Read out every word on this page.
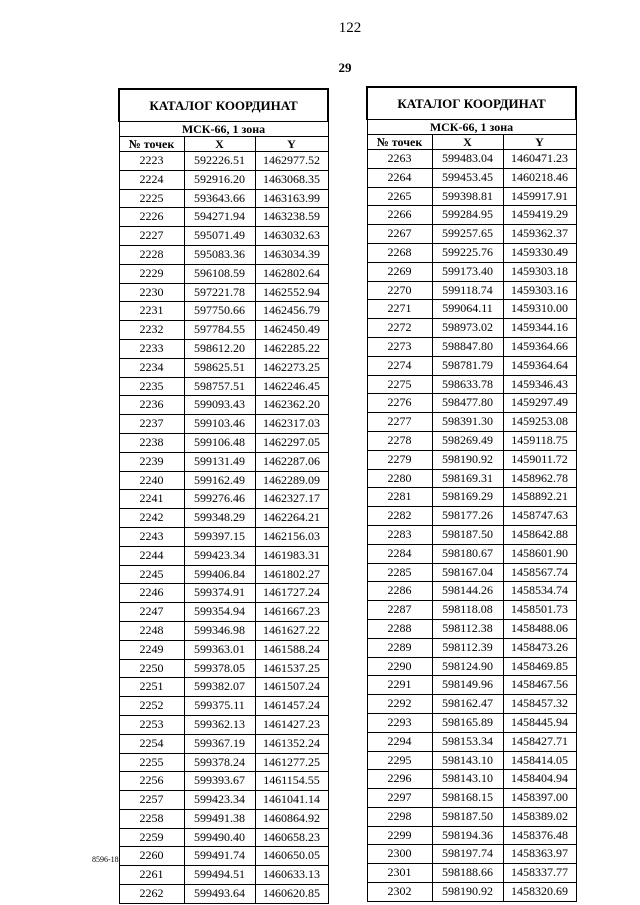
122
29
КАТАЛОГ КООРДИНАТ		
МСК-66, 1 зона		
№ точек	X	Y
2223	592226.51	1462977.52
2224	592916.20	1463068.35
2225	593643.66	1463163.99
2226	594271.94	1463238.59
2227	595071.49	1463032.63
2228	595083.36	1463034.39
2229	596108.59	1462802.64
2230	597221.78	1462552.94
2231	597750.66	1462456.79
2232	597784.55	1462450.49
2233	598612.20	1462285.22
2234	598625.51	1462273.25
2235	598757.51	1462246.45
2236	599093.43	1462362.20
2237	599103.46	1462317.03
2238	599106.48	1462297.05
2239	599131.49	1462287.06
2240	599162.49	1462289.09
2241	599276.46	1462327.17
2242	599348.29	1462264.21
2243	599397.15	1462156.03
2244	599423.34	1461983.31
2245	599406.84	1461802.27
2246	599374.91	1461727.24
2247	599354.94	1461667.23
2248	599346.98	1461627.22
2249	599363.01	1461588.24
2250	599378.05	1461537.25
2251	599382.07	1461507.24
2252	599375.11	1461457.24
2253	599362.13	1461427.23
2254	599367.19	1461352.24
2255	599378.24	1461277.25
2256	599393.67	1461154.55
2257	599423.34	1461041.14
2258	599491.38	1460864.92
2259	599490.40	1460658.23
2260	599491.74	1460650.05
2261	599494.51	1460633.13
2262	599493.64	1460620.85
КАТАЛОГ КООРДИНАТ		
МСК-66, 1 зона		
№ точек	X	Y
2263	599483.04	1460471.23
2264	599453.45	1460218.46
2265	599398.81	1459917.91
2266	599284.95	1459419.29
2267	599257.65	1459362.37
2268	599225.76	1459330.49
2269	599173.40	1459303.18
2270	599118.74	1459303.16
2271	599064.11	1459310.00
2272	598973.02	1459344.16
2273	598847.80	1459364.66
2274	598781.79	1459364.64
2275	598633.78	1459346.43
2276	598477.80	1459297.49
2277	598391.30	1459253.08
2278	598269.49	1459118.75
2279	598190.92	1459011.72
2280	598169.31	1458962.78
2281	598169.29	1458892.21
2282	598177.26	1458747.63
2283	598187.50	1458642.88
2284	598180.67	1458601.90
2285	598167.04	1458567.74
2286	598144.26	1458534.74
2287	598118.08	1458501.73
2288	598112.38	1458488.06
2289	598112.39	1458473.26
2290	598124.90	1458469.85
2291	598149.96	1458467.56
2292	598162.47	1458457.32
2293	598165.89	1458445.94
2294	598153.34	1458427.71
2295	598143.10	1458414.05
2296	598143.10	1458404.94
2297	598168.15	1458397.00
2298	598187.50	1458389.02
2299	598194.36	1458376.48
2300	598197.74	1458363.97
2301	598188.66	1458337.77
2302	598190.92	1458320.69
8596-18
